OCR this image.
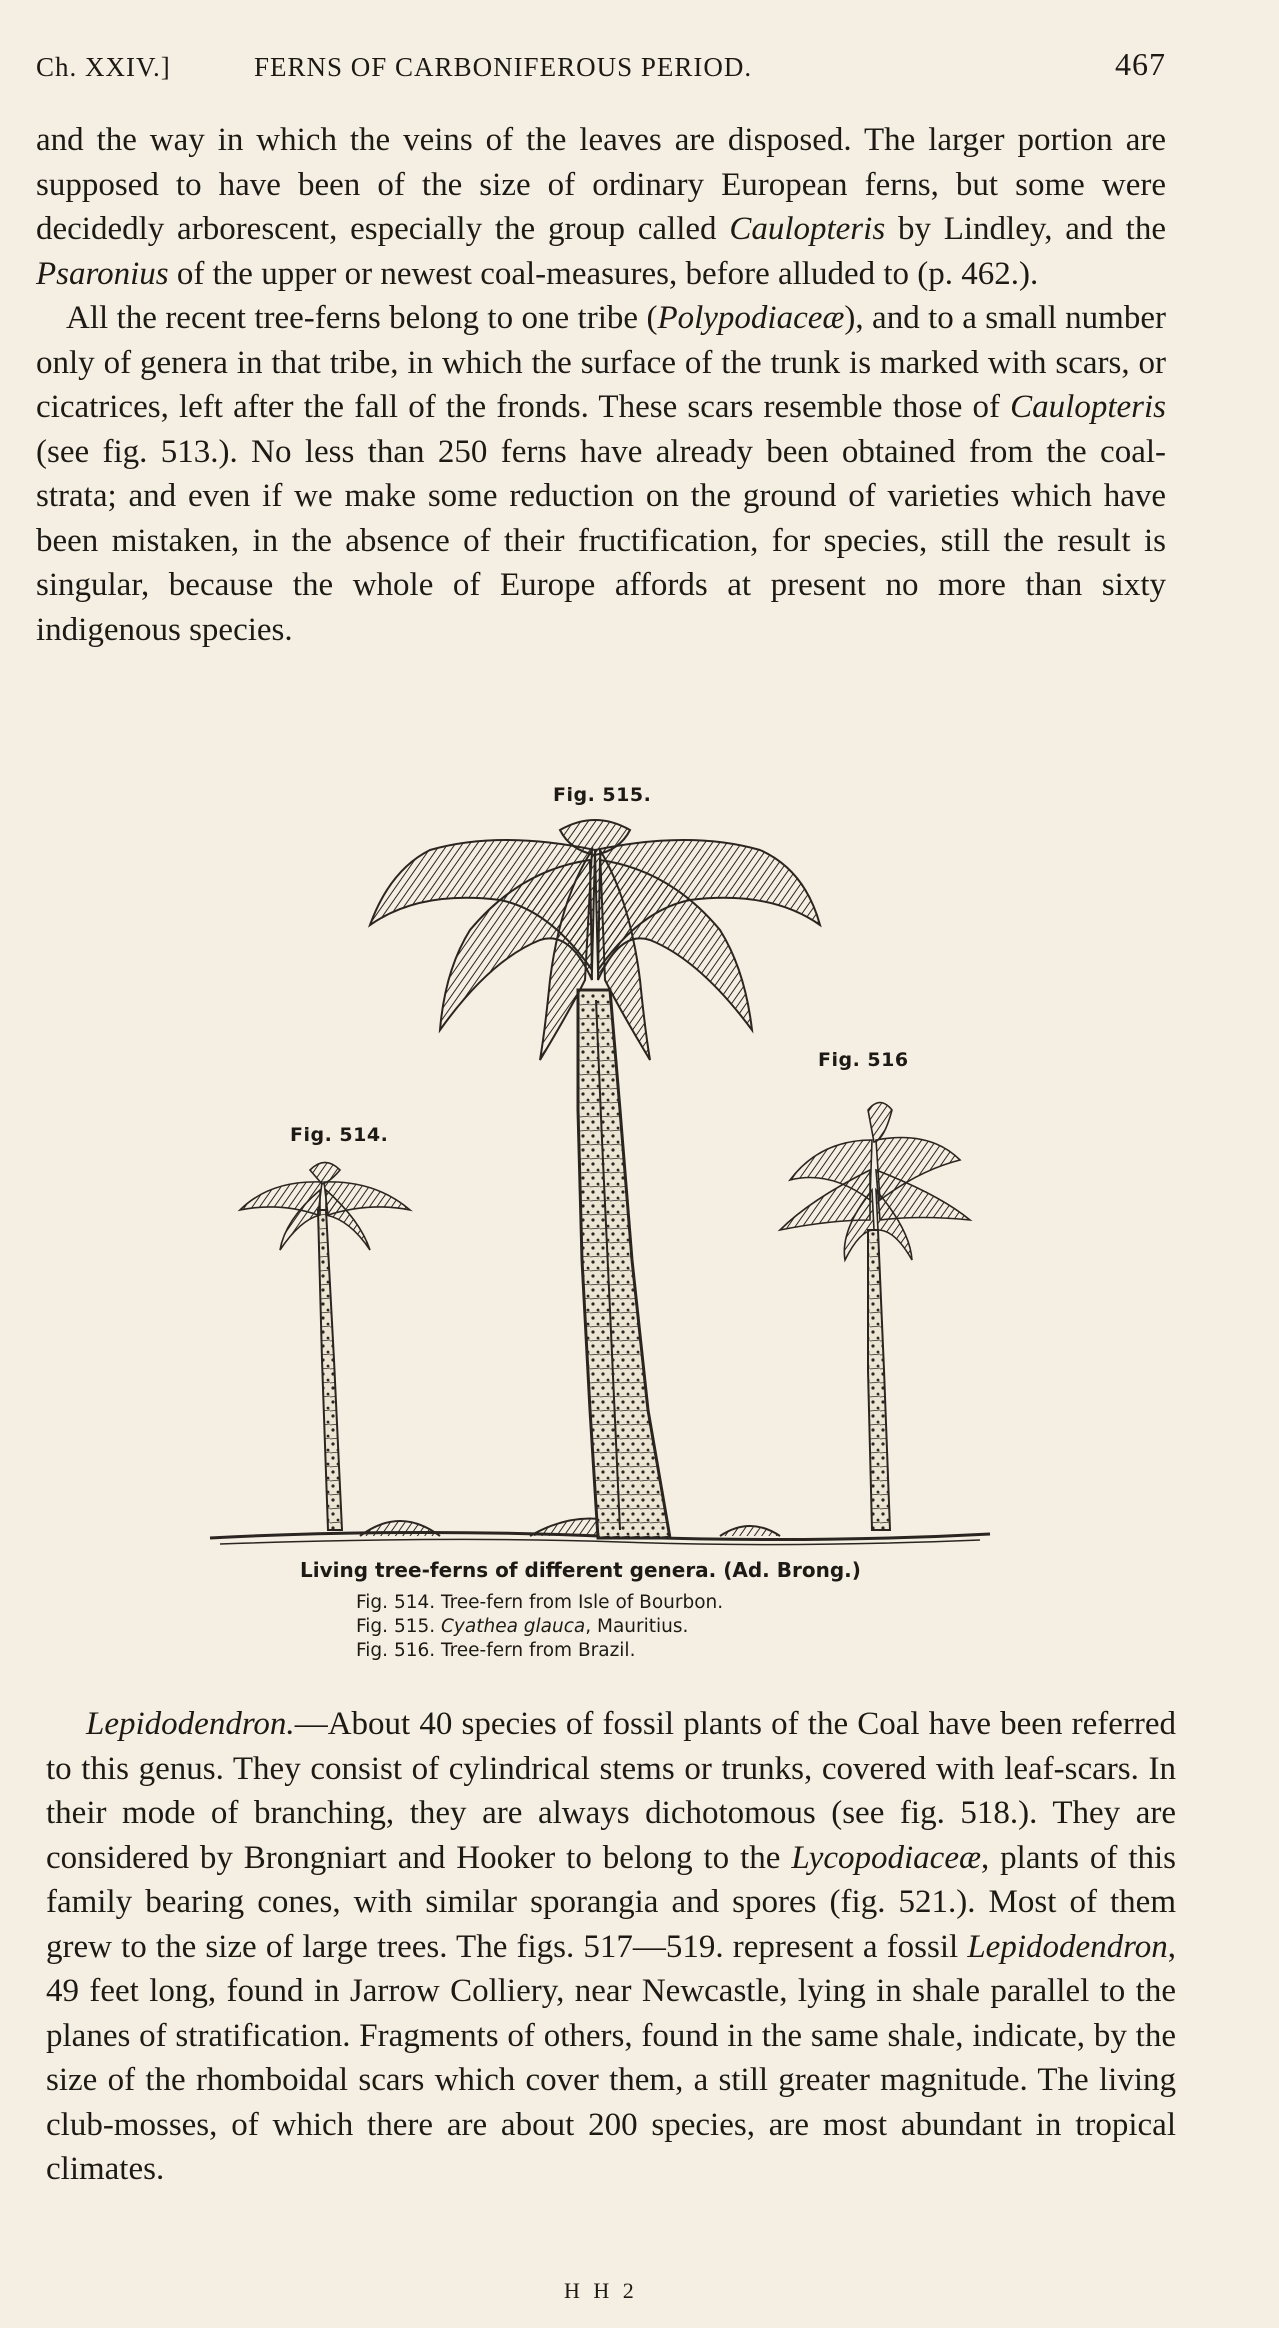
Ch. XXIV.]	FERNS OF CARBONIFEROUS PERIOD.	467

and the way in which the veins of the leaves are disposed. The larger portion are supposed to have been of the size of ordinary European ferns, but some were decidedly arborescent, especially the group called Caulopteris by Lindley, and the Psaronius of the upper or newest coal-measures, before alluded to (p. 462.).
All the recent tree-ferns belong to one tribe (Polypodiaceæ), and to a small number only of genera in that tribe, in which the surface of the trunk is marked with scars, or cicatrices, left after the fall of the fronds. These scars resemble those of Caulopteris (see fig. 513.). No less than 250 ferns have already been obtained from the coal-strata; and even if we make some reduction on the ground of varieties which have been mistaken, in the absence of their fructification, for species, still the result is singular, because the whole of Europe affords at present no more than sixty indigenous species.

Fig. 515.
Fig. 516
Fig. 514.
Living tree-ferns of different genera. (Ad. Brong.)
Fig. 514. Tree-fern from Isle of Bourbon.
Fig. 515. Cyathea glauca, Mauritius.
Fig. 516. Tree-fern from Brazil.

Lepidodendron.—About 40 species of fossil plants of the Coal have been referred to this genus. They consist of cylindrical stems or trunks, covered with leaf-scars. In their mode of branching, they are always dichotomous (see fig. 518.). They are considered by Brongniart and Hooker to belong to the Lycopodiaceæ, plants of this family bearing cones, with similar sporangia and spores (fig. 521.). Most of them grew to the size of large trees. The figs. 517—519. represent a fossil Lepidodendron, 49 feet long, found in Jarrow Colliery, near Newcastle, lying in shale parallel to the planes of stratification. Fragments of others, found in the same shale, indicate, by the size of the rhomboidal scars which cover them, a still greater magnitude. The living club-mosses, of which there are about 200 species, are most abundant in tropical climates.

H H 2
